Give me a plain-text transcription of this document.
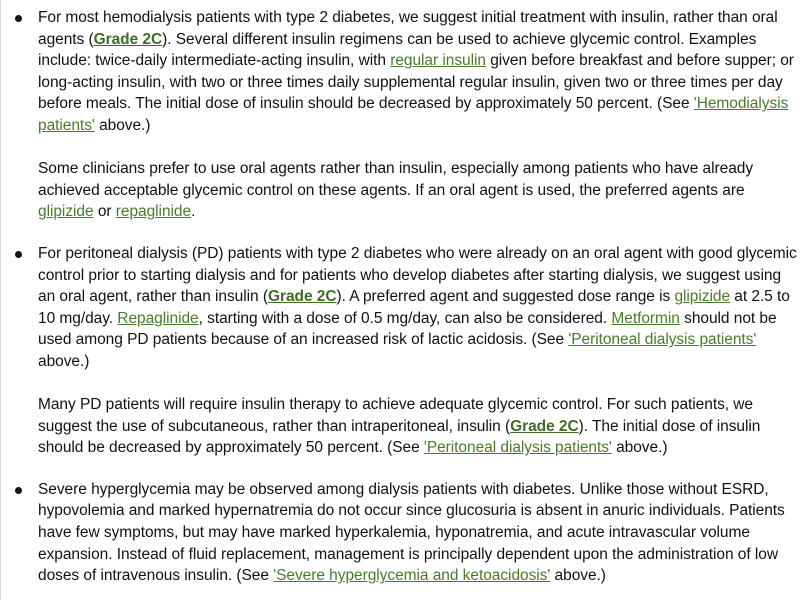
For most hemodialysis patients with type 2 diabetes, we suggest initial treatment with insulin, rather than oral agents (Grade 2C). Several different insulin regimens can be used to achieve glycemic control. Examples include: twice-daily intermediate-acting insulin, with regular insulin given before breakfast and before supper; or long-acting insulin, with two or three times daily supplemental regular insulin, given two or three times per day before meals. The initial dose of insulin should be decreased by approximately 50 percent. (See 'Hemodialysis patients' above.)

Some clinicians prefer to use oral agents rather than insulin, especially among patients who have already achieved acceptable glycemic control on these agents. If an oral agent is used, the preferred agents are glipizide or repaglinide.

For peritoneal dialysis (PD) patients with type 2 diabetes who were already on an oral agent with good glycemic control prior to starting dialysis and for patients who develop diabetes after starting dialysis, we suggest using an oral agent, rather than insulin (Grade 2C). A preferred agent and suggested dose range is glipizide at 2.5 to 10 mg/day. Repaglinide, starting with a dose of 0.5 mg/day, can also be considered. Metformin should not be used among PD patients because of an increased risk of lactic acidosis. (See 'Peritoneal dialysis patients' above.)

Many PD patients will require insulin therapy to achieve adequate glycemic control. For such patients, we suggest the use of subcutaneous, rather than intraperitoneal, insulin (Grade 2C). The initial dose of insulin should be decreased by approximately 50 percent. (See 'Peritoneal dialysis patients' above.)

Severe hyperglycemia may be observed among dialysis patients with diabetes. Unlike those without ESRD, hypovolemia and marked hypernatremia do not occur since glucosuria is absent in anuric individuals. Patients have few symptoms, but may have marked hyperkalemia, hyponatremia, and acute intravascular volume expansion. Instead of fluid replacement, management is principally dependent upon the administration of low doses of intravenous insulin. (See 'Severe hyperglycemia and ketoacidosis' above.)
